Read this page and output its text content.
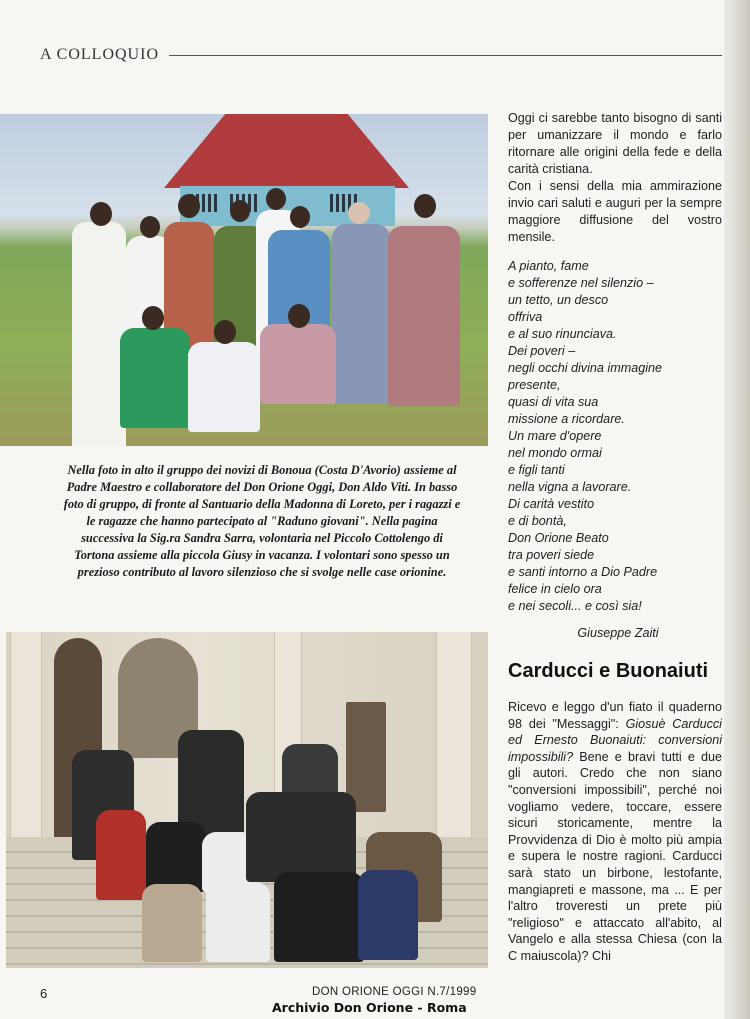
A COLLOQUIO
Nella foto in alto il gruppo dei novizi di Bonoua (Costa D'Avorio) assieme al Padre Maestro e collaboratore del Don Orione Oggi, Don Aldo Viti. In basso foto di gruppo, di fronte al Santuario della Madonna di Loreto, per i ragazzi e le ragazze che hanno partecipato al "Raduno giovani". Nella pagina successiva la Sig.ra Sandra Sarra, volontaria nel Piccolo Cottolengo di Tortona assieme alla piccola Giusy in vacanza. I volontari sono spesso un prezioso contributo al lavoro silenzioso che si svolge nelle case orionine.

Oggi ci sarebbe tanto bisogno di santi per umanizzare il mondo e farlo ritornare alle origini della fede e della carità cristiana.

Con i sensi della mia ammirazione invio cari saluti e auguri per la sempre maggiore diffusione del vostro mensile.

A pianto, fame
e sofferenze nel silenzio –
un tetto, un desco
offriva
e al suo rinunciava.
Dei poveri –
negli occhi divina immagine
presente,
quasi di vita sua
missione a ricordare.
Un mare d'opere
nel mondo ormai
e figli tanti
nella vigna a lavorare.
Di carità vestito
e di bontà,
Don Orione Beato
tra poveri siede
e santi intorno a Dio Padre
felice in cielo ora
e nei secoli... e così sia!
Giuseppe Zaiti
Carducci e Buonaiuti
Ricevo e leggo d'un fiato il quaderno 98 dei "Messaggi": Giosuè Carducci ed Ernesto Buonaiuti: conversioni impossibili? Bene e bravi tutti e due gli autori. Credo che non siano "conversioni impossibili", perché noi vogliamo vedere, toccare, essere sicuri storicamente, mentre la Provvidenza di Dio è molto più ampia e supera le nostre ragioni. Carducci sarà stato un birbone, lestofante, mangiapreti e massone, ma ... E per l'altro troveresti un prete più "religioso" e attaccato all'abito, al Vangelo e alla stessa Chiesa (con la C maiuscola)? Chi
6	DON ORIONE OGGI N.7/1999
Archivio Don Orione - Roma
